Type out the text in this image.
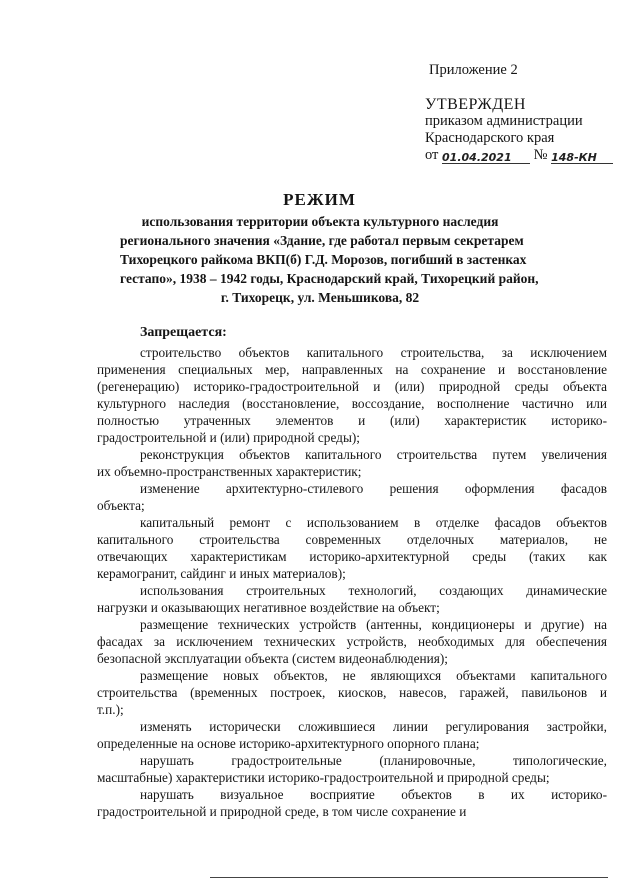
Приложение 2
УТВЕРЖДЕН
приказом администрации
Краснодарского края
от 01.04.2021 № 148-КН
РЕЖИМ
использования территории объекта культурного наследия
регионального значения «Здание, где работал первым секретарем
Тихорецкого райкома ВКП(б) Г.Д. Морозов, погибший в застенках
гестапо», 1938 – 1942 годы, Краснодарский край, Тихорецкий район,
г. Тихорецк, ул. Меньшикова, 82
Запрещается:
строительство объектов капитального строительства, за исключением
применения специальных мер, направленных на сохранение и восстановление
(регенерацию) историко-градостроительной и (или) природной среды объекта
культурного наследия (восстановление, воссоздание, восполнение частично или
полностью утраченных элементов и (или) характеристик историко-
градостроительной и (или) природной среды);
реконструкция объектов капитального строительства путем увеличения
их объемно-пространственных характеристик;
изменение архитектурно-стилевого решения оформления фасадов
объекта;
капитальный ремонт с использованием в отделке фасадов объектов
капитального строительства современных отделочных материалов, не
отвечающих характеристикам историко-архитектурной среды (таких как
керамогранит, сайдинг и иных материалов);
использования строительных технологий, создающих динамические
нагрузки и оказывающих негативное воздействие на объект;
размещение технических устройств (антенны, кондиционеры и другие) на
фасадах за исключением технических устройств, необходимых для обеспечения
безопасной эксплуатации объекта (систем видеонаблюдения);
размещение новых объектов, не являющихся объектами капитального
строительства (временных построек, киосков, навесов, гаражей, павильонов и
т.п.);
изменять исторически сложившиеся линии регулирования застройки,
определенные на основе историко-архитектурного опорного плана;
нарушать градостроительные (планировочные, типологические,
масштабные) характеристики историко-градостроительной и природной среды;
нарушать визуальное восприятие объектов в их историко-
градостроительной и природной среде, в том числе сохранение и
